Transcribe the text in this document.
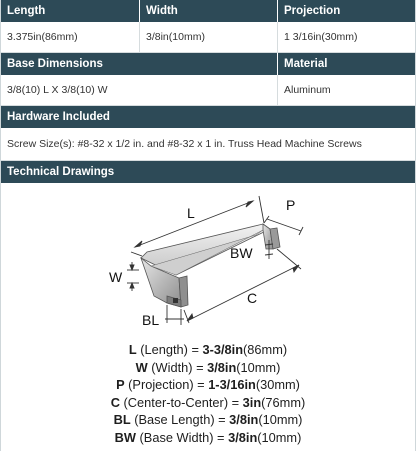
Length	Width	Projection
3.375in(86mm)	3/8in(10mm)	1 3/16in(30mm)
Base Dimensions	Material
3/8(10) L X 3/8(10) W	Aluminum
Hardware Included
Screw Size(s): #8-32 x 1/2 in. and #8-32 x 1 in. Truss Head Machine Screws
Technical Drawings
L	P
BW
W
C
BL
L (Length) = 3-3/8in(86mm)
W (Width) = 3/8in(10mm)
P (Projection) = 1-3/16in(30mm)
C (Center-to-Center) = 3in(76mm)
BL (Base Length) = 3/8in(10mm)
BW (Base Width) = 3/8in(10mm)
